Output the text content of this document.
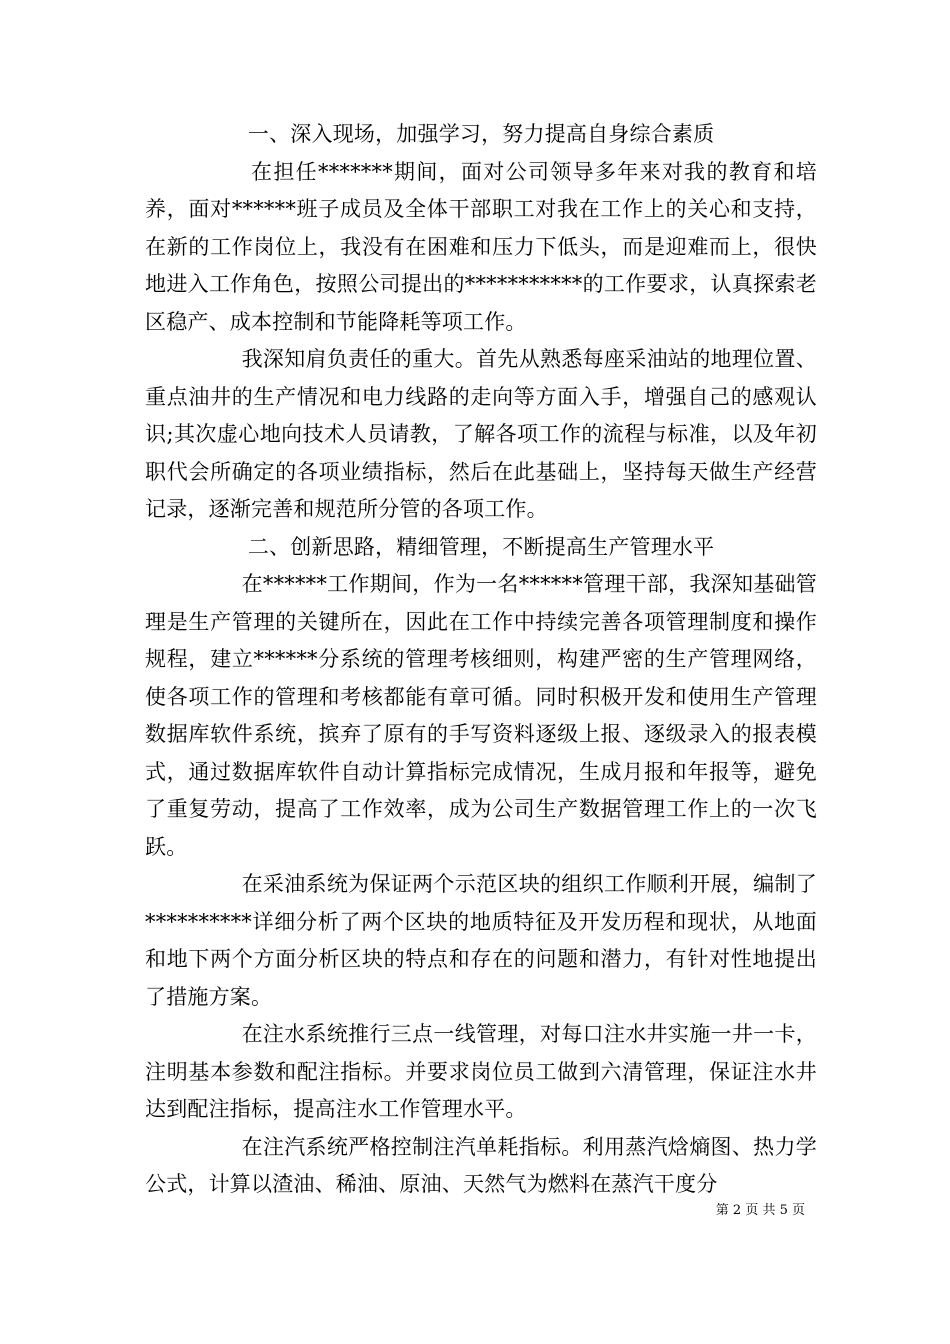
一、深入现场，加强学习，努力提高自身综合素质

在担任*******期间，面对公司领导多年来对我的教育和培养，面对******班子成员及全体干部职工对我在工作上的关心和支持，在新的工作岗位上，我没有在困难和压力下低头，而是迎难而上，很快地进入工作角色，按照公司提出的***********的工作要求，认真探索老区稳产、成本控制和节能降耗等项工作。

我深知肩负责任的重大。首先从熟悉每座采油站的地理位置、重点油井的生产情况和电力线路的走向等方面入手，增强自己的感观认识;其次虚心地向技术人员请教，了解各项工作的流程与标准，以及年初职代会所确定的各项业绩指标，然后在此基础上，坚持每天做生产经营记录，逐渐完善和规范所分管的各项工作。

二、创新思路，精细管理，不断提高生产管理水平

在******工作期间，作为一名******管理干部，我深知基础管理是生产管理的关键所在，因此在工作中持续完善各项管理制度和操作规程，建立******分系统的管理考核细则，构建严密的生产管理网络，使各项工作的管理和考核都能有章可循。同时积极开发和使用生产管理数据库软件系统，摈弃了原有的手写资料逐级上报、逐级录入的报表模式，通过数据库软件自动计算指标完成情况，生成月报和年报等，避免了重复劳动，提高了工作效率，成为公司生产数据管理工作上的一次飞跃。

在采油系统为保证两个示范区块的组织工作顺利开展，编制了**********详细分析了两个区块的地质特征及开发历程和现状，从地面和地下两个方面分析区块的特点和存在的问题和潜力，有针对性地提出了措施方案。

在注水系统推行三点一线管理，对每口注水井实施一井一卡，注明基本参数和配注指标。并要求岗位员工做到六清管理，保证注水井达到配注指标，提高注水工作管理水平。

在注汽系统严格控制注汽单耗指标。利用蒸汽焓熵图、热力学公式，计算以渣油、稀油、原油、天然气为燃料在蒸汽干度分

第 2 页 共 5 页
